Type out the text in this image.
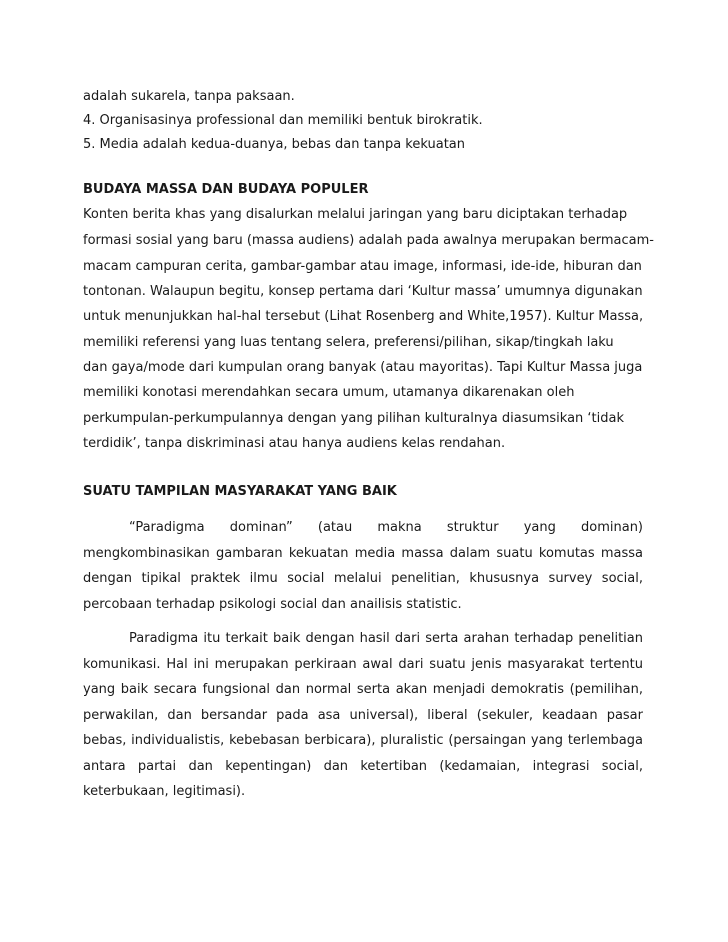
adalah sukarela, tanpa paksaan.
4. Organisasinya professional dan memiliki bentuk birokratik.
5. Media adalah kedua-duanya, bebas dan tanpa kekuatan
BUDAYA MASSA DAN BUDAYA POPULER
Konten berita khas yang disalurkan melalui jaringan yang baru diciptakan terhadap
formasi sosial yang baru (massa audiens) adalah pada awalnya merupakan bermacam-
macam campuran cerita, gambar-gambar atau image, informasi, ide-ide, hiburan dan
tontonan. Walaupun begitu, konsep pertama dari ‘Kultur massa’ umumnya digunakan
untuk menunjukkan hal-hal tersebut (Lihat Rosenberg and White,1957). Kultur Massa,
memiliki referensi yang luas tentang selera, preferensi/pilihan, sikap/tingkah laku
dan gaya/mode dari kumpulan orang banyak (atau mayoritas). Tapi Kultur Massa juga
memiliki konotasi merendahkan secara umum, utamanya dikarenakan oleh
perkumpulan-perkumpulannya dengan yang pilihan kulturalnya diasumsikan ‘tidak
terdidik’, tanpa diskriminasi atau hanya audiens kelas rendahan.
SUATU TAMPILAN MASYARAKAT YANG BAIK

“Paradigma dominan” (atau makna struktur yang dominan) mengkombinasikan gambaran kekuatan media massa dalam suatu komutas massa dengan tipikal praktek ilmu social melalui penelitian, khususnya survey social, percobaan terhadap psikologi social dan anailisis statistic.

Paradigma itu terkait baik dengan hasil dari serta arahan terhadap penelitian komunikasi. Hal ini merupakan perkiraan awal dari suatu jenis masyarakat tertentu yang baik secara fungsional dan normal serta akan menjadi demokratis (pemilihan, perwakilan, dan bersandar pada asa universal), liberal (sekuler, keadaan pasar bebas, individualistis, kebebasan berbicara), pluralistic (persaingan yang terlembaga antara partai dan kepentingan) dan ketertiban (kedamaian, integrasi social, keterbukaan, legitimasi).
